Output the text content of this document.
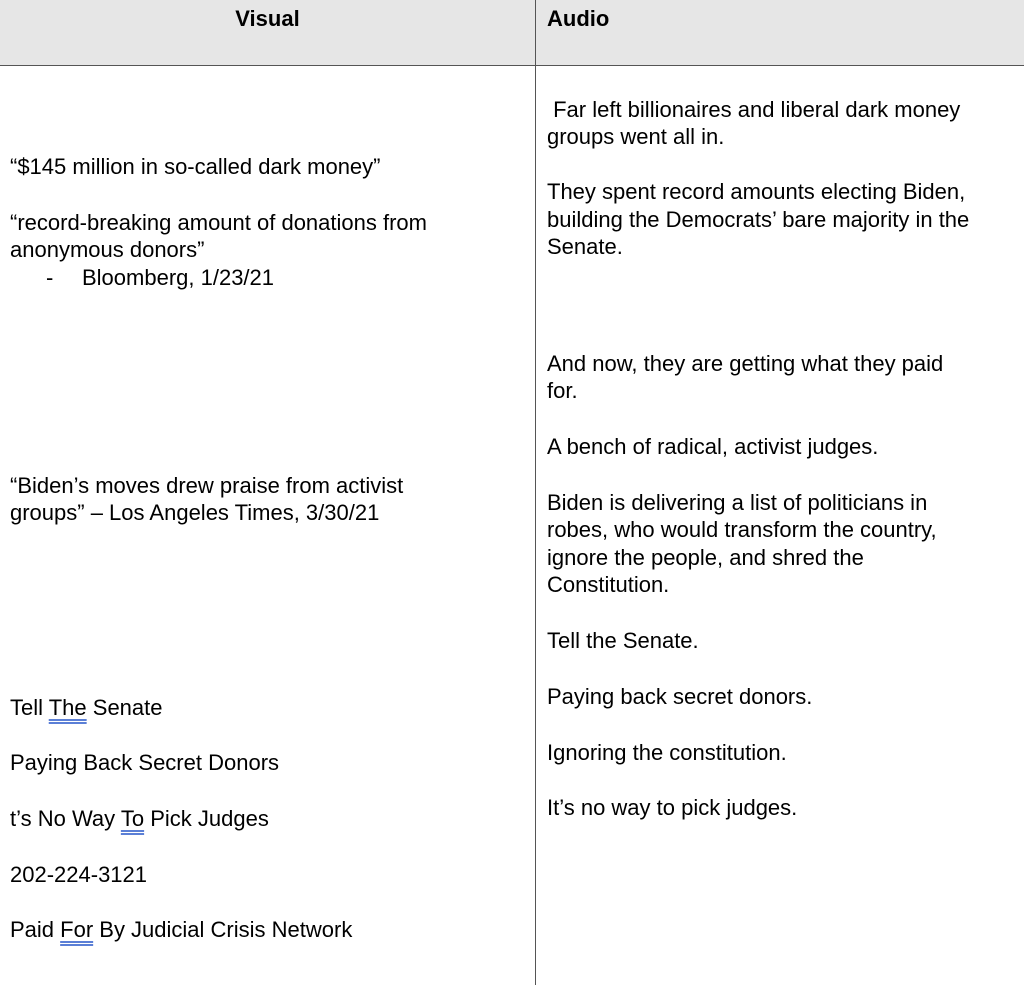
Visual	Audio
“$145 million in so-called dark money”
“record-breaking amount of donations from
anonymous donors”
- Bloomberg, 1/23/21
“Biden’s moves drew praise from activist
groups” – Los Angeles Times, 3/30/21
Tell The Senate
Paying Back Secret Donors
t’s No Way To Pick Judges
202-224-3121
Paid For By Judicial Crisis Network
Far left billionaires and liberal dark money
groups went all in.
They spent record amounts electing Biden,
building the Democrats’ bare majority in the
Senate.
And now, they are getting what they paid
for.
A bench of radical, activist judges.
Biden is delivering a list of politicians in
robes, who would transform the country,
ignore the people, and shred the
Constitution.
Tell the Senate.
Paying back secret donors.
Ignoring the constitution.
It’s no way to pick judges.
